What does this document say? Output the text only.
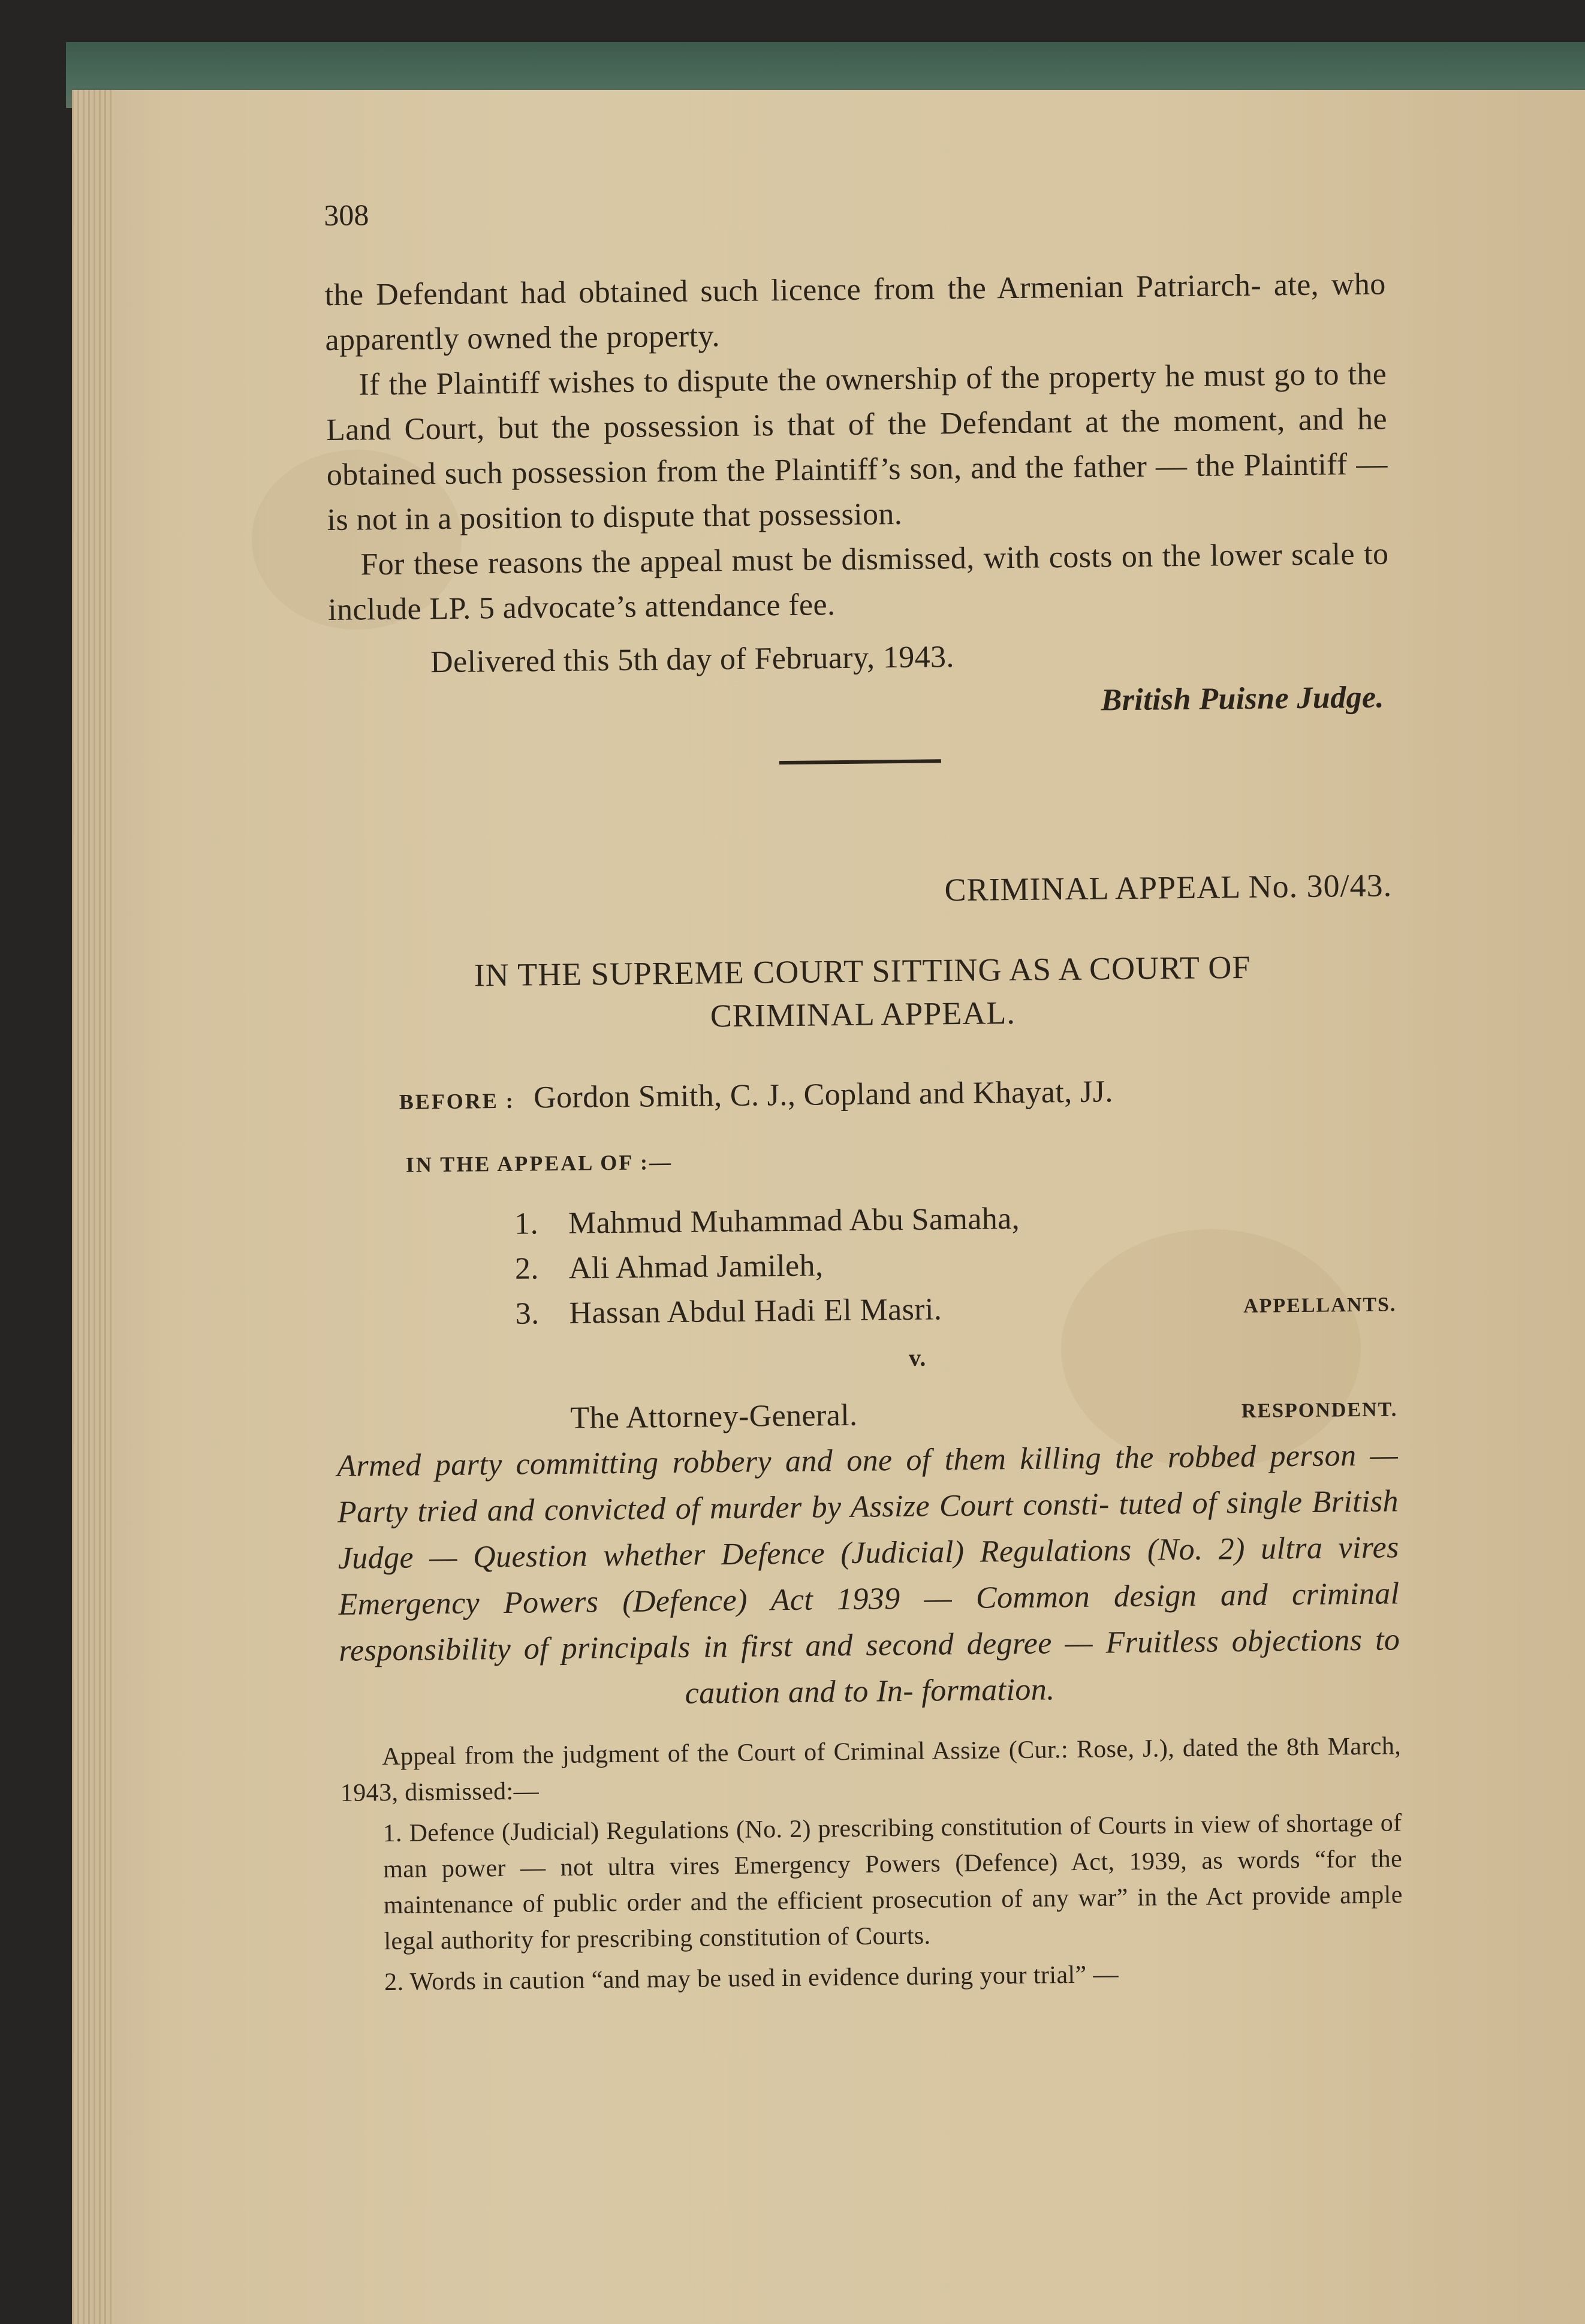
308

the Defendant had obtained such licence from the Armenian Patriarch- ate, who apparently owned the property.

If the Plaintiff wishes to dispute the ownership of the property he must go to the Land Court, but the possession is that of the Defendant at the moment, and he obtained such possession from the Plaintiff’s son, and the father — the Plaintiff — is not in a position to dispute that possession.

For these reasons the appeal must be dismissed, with costs on the lower scale to include LP. 5 advocate’s attendance fee.

Delivered this 5th day of February, 1943.

British Puisne Judge.

CRIMINAL APPEAL No. 30/43.
IN THE SUPREME COURT SITTING AS A COURT OF
CRIMINAL APPEAL.
BEFORE : Gordon Smith, C. J., Copland and Khayat, JJ.
IN THE APPEAL OF :—
1. Mahmud Muhammad Abu Samaha,
2. Ali Ahmad Jamileh,
3. Hassan Abdul Hadi El Masri.	APPELLANTS.
v.
The Attorney-General.	RESPONDENT.

Armed party committing robbery and one of them killing the robbed person — Party tried and convicted of murder by Assize Court consti- tuted of single British Judge — Question whether Defence (Judicial) Regulations (No. 2) ultra vires Emergency Powers (Defence) Act 1939 — Common design and criminal responsibility of principals in first and second degree — Fruitless objections to caution and to In- formation.

Appeal from the judgment of the Court of Criminal Assize (Cur.: Rose, J.), dated the 8th March, 1943, dismissed:—

1. Defence (Judicial) Regulations (No. 2) prescribing constitution of Courts in view of shortage of man power — not ultra vires Emergency Powers (Defence) Act, 1939, as words “for the maintenance of public order and the efficient prosecution of any war” in the Act provide ample legal authority for prescribing constitution of Courts.

2. Words in caution “and may be used in evidence during your trial” —
